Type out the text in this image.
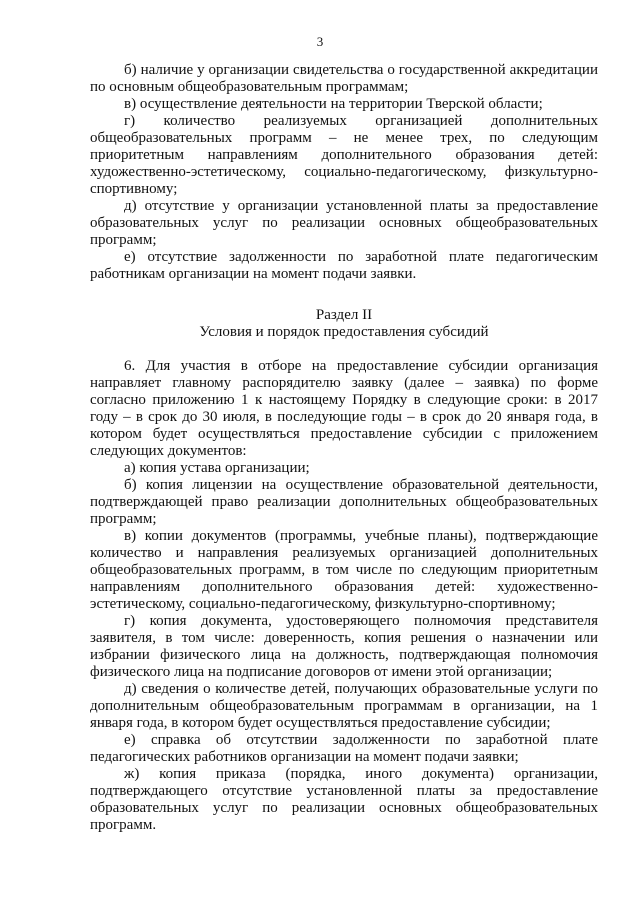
3

б) наличие у организации свидетельства о государственной аккредитации по основным общеобразовательным программам;

в) осуществление деятельности на территории Тверской области;

г) количество реализуемых организацией дополнительных общеобразовательных программ – не менее трех, по следующим приоритетным направлениям дополнительного образования детей: художественно-эстетическому, социально-педагогическому, физкультурно-спортивному;

д) отсутствие у организации установленной платы за предоставление образовательных услуг по реализации основных общеобразовательных программ;

е) отсутствие задолженности по заработной плате педагогическим работникам организации на момент подачи заявки.

Раздел II

Условия и порядок предоставления субсидий

6. Для участия в отборе на предоставление субсидии организация направляет главному распорядителю заявку (далее – заявка) по форме согласно приложению 1 к настоящему Порядку в следующие сроки: в 2017 году – в срок до 30 июля, в последующие годы – в срок до 20 января года, в котором будет осуществляться предоставление субсидии с приложением следующих документов:

а) копия устава организации;

б) копия лицензии на осуществление образовательной деятельности, подтверждающей право реализации дополнительных общеобразовательных программ;

в) копии документов (программы, учебные планы), подтверждающие количество и направления реализуемых организацией дополнительных общеобразовательных программ, в том числе по следующим приоритетным направлениям дополнительного образования детей: художественно-эстетическому, социально-педагогическому, физкультурно-спортивному;

г) копия документа, удостоверяющего полномочия представителя заявителя, в том числе: доверенность, копия решения о назначении или избрании физического лица на должность, подтверждающая полномочия физического лица на подписание договоров от имени этой организации;

д) сведения о количестве детей, получающих образовательные услуги по дополнительным общеобразовательным программам в организации, на 1 января года, в котором будет осуществляться предоставление субсидии;

е) справка об отсутствии задолженности по заработной плате педагогических работников организации на момент подачи заявки;

ж) копия приказа (порядка, иного документа) организации, подтверждающего отсутствие установленной платы за предоставление образовательных услуг по реализации основных общеобразовательных программ.
